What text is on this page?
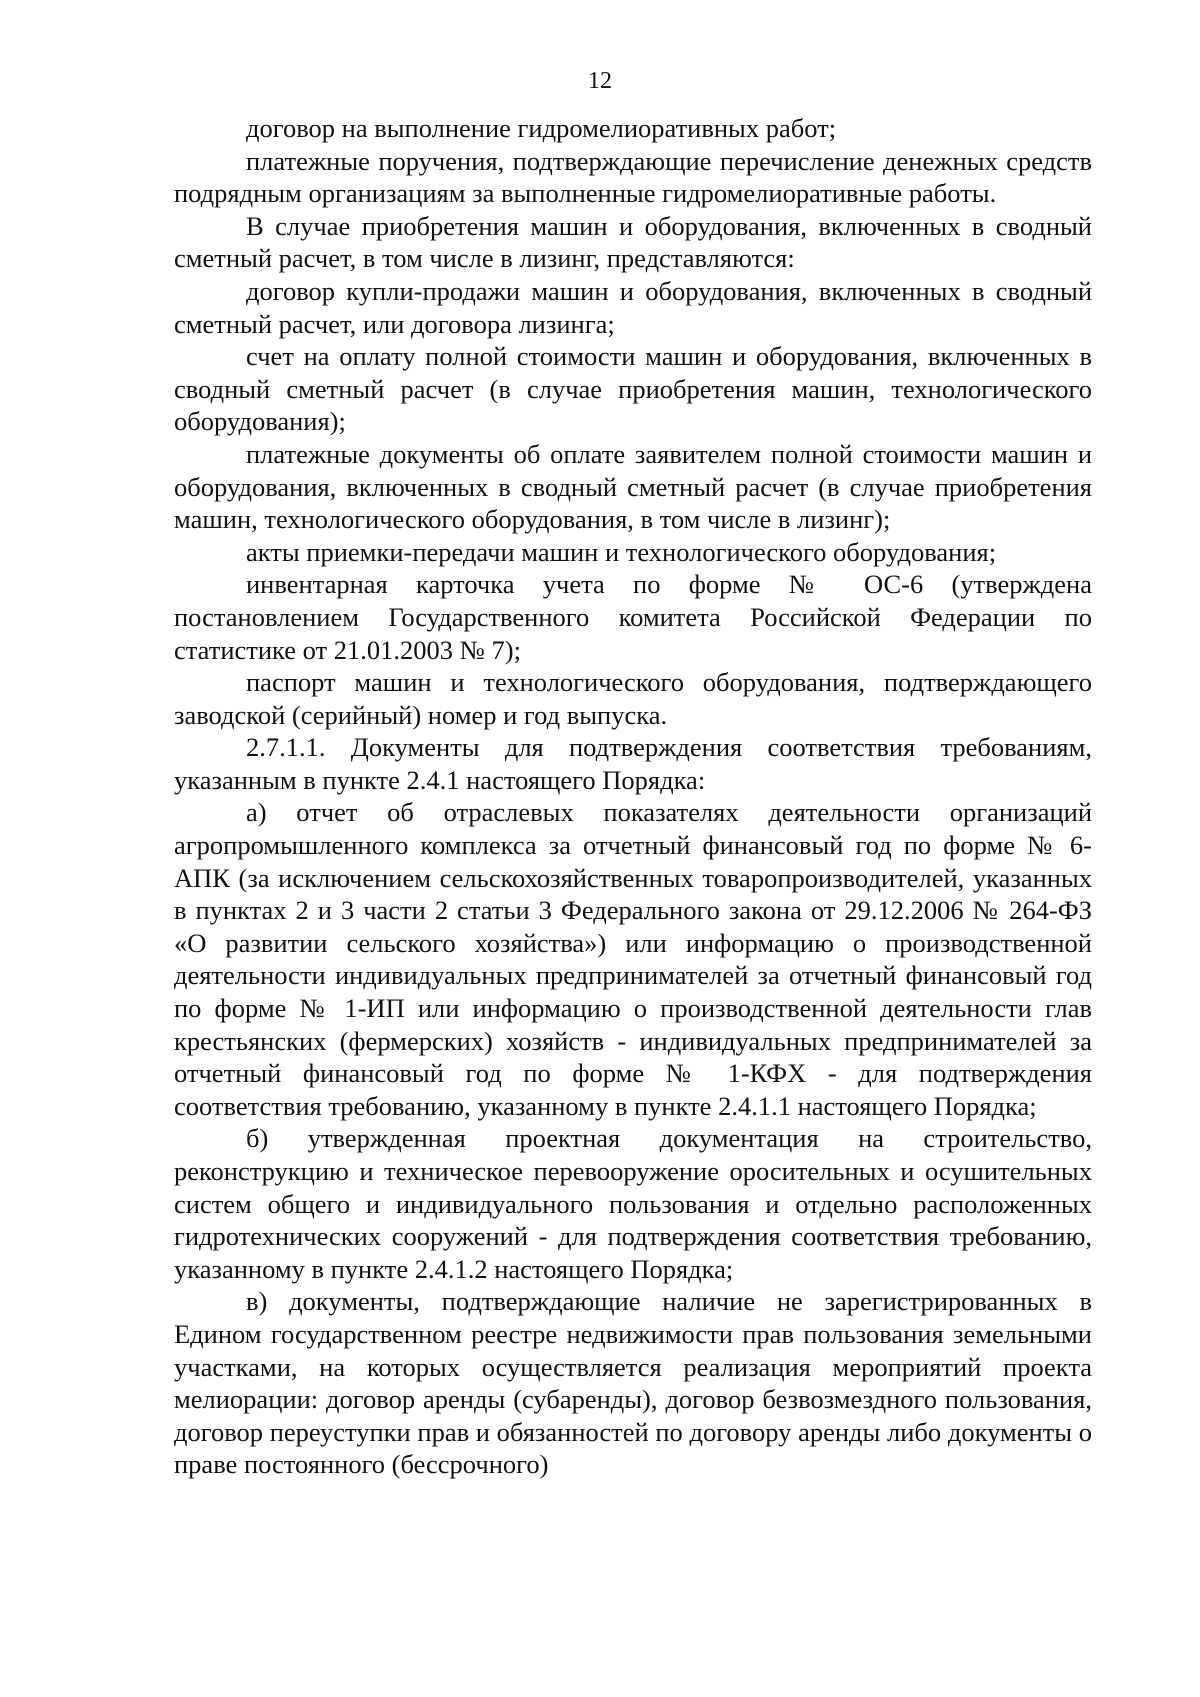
12

договор на выполнение гидромелиоративных работ;

платежные поручения, подтверждающие перечисление денежных средств подрядным организациям за выполненные гидромелиоративные работы.

В случае приобретения машин и оборудования, включенных в сводный сметный расчет, в том числе в лизинг, представляются:

договор купли-продажи машин и оборудования, включенных в сводный сметный расчет, или договора лизинга;

счет на оплату полной стоимости машин и оборудования, включенных в сводный сметный расчет (в случае приобретения машин, технологического оборудования);

платежные документы об оплате заявителем полной стоимости машин и оборудования, включенных в сводный сметный расчет (в случае приобретения машин, технологического оборудования, в том числе в лизинг);

акты приемки-передачи машин и технологического оборудования;

инвентарная карточка учета по форме № ОС-6 (утверждена постановлением Государственного комитета Российской Федерации по статистике от 21.01.2003 № 7);

паспорт машин и технологического оборудования, подтверждающего заводской (серийный) номер и год выпуска.

2.7.1.1. Документы для подтверждения соответствия требованиям, указанным в пункте 2.4.1 настоящего Порядка:

а) отчет об отраслевых показателях деятельности организаций агропромышленного комплекса за отчетный финансовый год по форме № 6-АПК (за исключением сельскохозяйственных товаропроизводителей, указанных в пунктах 2 и 3 части 2 статьи 3 Федерального закона от 29.12.2006 № 264-ФЗ «О развитии сельского хозяйства») или информацию о производственной деятельности индивидуальных предпринимателей за отчетный финансовый год по форме № 1-ИП или информацию о производственной деятельности глав крестьянских (фермерских) хозяйств - индивидуальных предпринимателей за отчетный финансовый год по форме № 1-КФХ - для подтверждения соответствия требованию, указанному в пункте 2.4.1.1 настоящего Порядка;

б) утвержденная проектная документация на строительство, реконструкцию и техническое перевооружение оросительных и осушительных систем общего и индивидуального пользования и отдельно расположенных гидротехнических сооружений - для подтверждения соответствия требованию, указанному в пункте 2.4.1.2 настоящего Порядка;

в) документы, подтверждающие наличие не зарегистрированных в Едином государственном реестре недвижимости прав пользования земельными участками, на которых осуществляется реализация мероприятий проекта мелиорации: договор аренды (субаренды), договор безвозмездного пользования, договор переуступки прав и обязанностей по договору аренды либо документы о праве постоянного (бессрочного)
